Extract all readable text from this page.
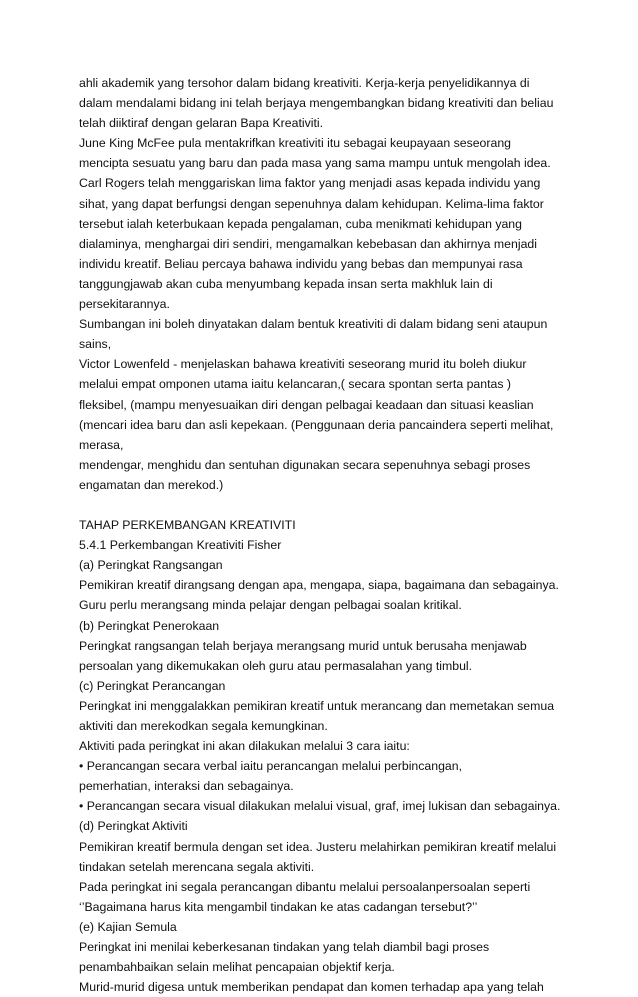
ahli akademik yang tersohor dalam bidang kreativiti. Kerja-kerja penyelidikannya di
dalam mendalami bidang ini telah berjaya mengembangkan bidang kreativiti dan beliau
telah diiktiraf dengan gelaran Bapa Kreativiti.
June King McFee pula mentakrifkan kreativiti itu sebagai keupayaan seseorang
mencipta sesuatu yang baru dan pada masa yang sama mampu untuk mengolah idea.
Carl Rogers telah menggariskan lima faktor yang menjadi asas kepada individu yang
sihat, yang dapat berfungsi dengan sepenuhnya dalam kehidupan. Kelima-lima faktor
tersebut ialah keterbukaan kepada pengalaman, cuba menikmati kehidupan yang
dialaminya, menghargai diri sendiri, mengamalkan kebebasan dan akhirnya menjadi
individu kreatif. Beliau percaya bahawa individu yang bebas dan mempunyai rasa
tanggungjawab akan cuba menyumbang kepada insan serta makhluk lain di
persekitarannya.
Sumbangan ini boleh dinyatakan dalam bentuk kreativiti di dalam bidang seni ataupun
sains,
Victor Lowenfeld - menjelaskan bahawa kreativiti seseorang murid itu boleh diukur
melalui empat omponen utama iaitu kelancaran,( secara spontan serta pantas )
fleksibel, (mampu menyesuaikan diri dengan pelbagai keadaan dan situasi keaslian
(mencari idea baru dan asli kepekaan. (Penggunaan deria pancaindera seperti melihat,
merasa,
mendengar, menghidu dan sentuhan digunakan secara sepenuhnya sebagi proses
engamatan dan merekod.)
TAHAP PERKEMBANGAN KREATIVITI
5.4.1 Perkembangan Kreativiti Fisher
(a) Peringkat Rangsangan
Pemikiran kreatif dirangsang dengan apa, mengapa, siapa, bagaimana dan sebagainya.
Guru perlu merangsang minda pelajar dengan pelbagai soalan kritikal.
(b) Peringkat Penerokaan
Peringkat rangsangan telah berjaya merangsang murid untuk berusaha menjawab
persoalan yang dikemukakan oleh guru atau permasalahan yang timbul.
(c) Peringkat Perancangan
Peringkat ini menggalakkan pemikiran kreatif untuk merancang dan memetakan semua
aktiviti dan merekodkan segala kemungkinan.
Aktiviti pada peringkat ini akan dilakukan melalui 3 cara iaitu:
• Perancangan secara verbal iaitu perancangan melalui perbincangan,
pemerhatian, interaksi dan sebagainya.
• Perancangan secara visual dilakukan melalui visual, graf, imej lukisan dan sebagainya.
(d) Peringkat Aktiviti
Pemikiran kreatif bermula dengan set idea. Justeru melahirkan pemikiran kreatif melalui
tindakan setelah merencana segala aktiviti.
Pada peringkat ini segala perancangan dibantu melalui persoalanpersoalan seperti
‘’Bagaimana harus kita mengambil tindakan ke atas cadangan tersebut?’’
(e) Kajian Semula
Peringkat ini menilai keberkesanan tindakan yang telah diambil bagi proses
penambahbaikan selain melihat pencapaian objektif kerja.
Murid-murid digesa untuk memberikan pendapat dan komen terhadap apa yang telah
